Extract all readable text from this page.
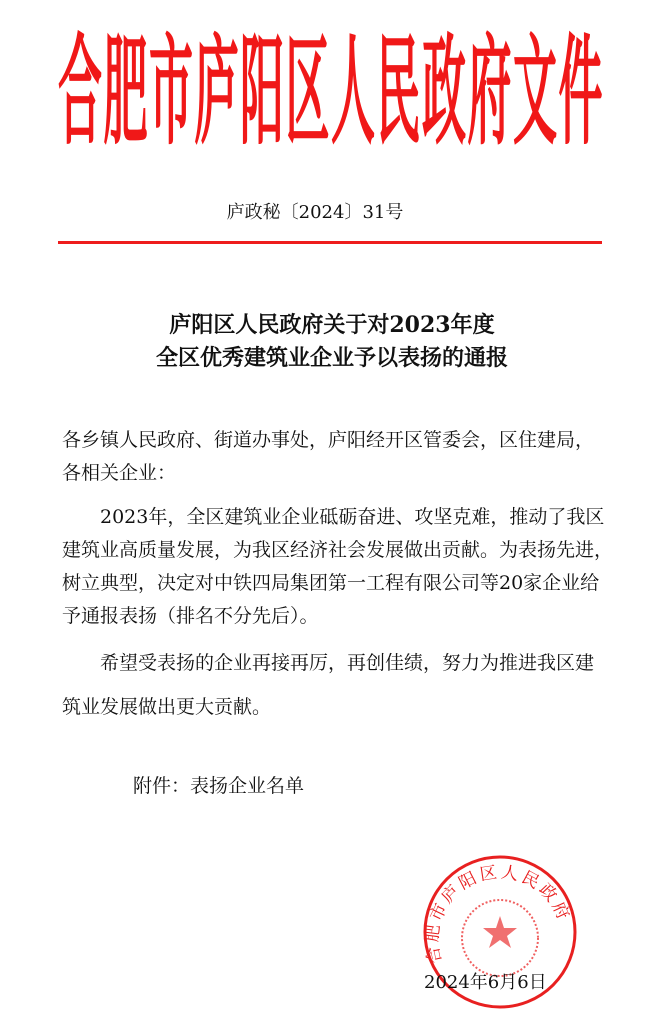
合肥市庐阳区人民政府文件
庐政秘〔2024〕31号
庐阳区人民政府关于对2023年度
全区优秀建筑业企业予以表扬的通报
各乡镇人民政府、街道办事处，庐阳经开区管委会，区住建局，
各相关企业：
2023年，全区建筑业企业砥砺奋进、攻坚克难，推动了我区
建筑业高质量发展，为我区经济社会发展做出贡献。为表扬先进，
树立典型，决定对中铁四局集团第一工程有限公司等20家企业给
予通报表扬（排名不分先后）。
希望受表扬的企业再接再厉，再创佳绩，努力为推进我区建
筑业发展做出更大贡献。
附件：表扬企业名单
合肥市庐阳区人民政府
2024年6月6日
